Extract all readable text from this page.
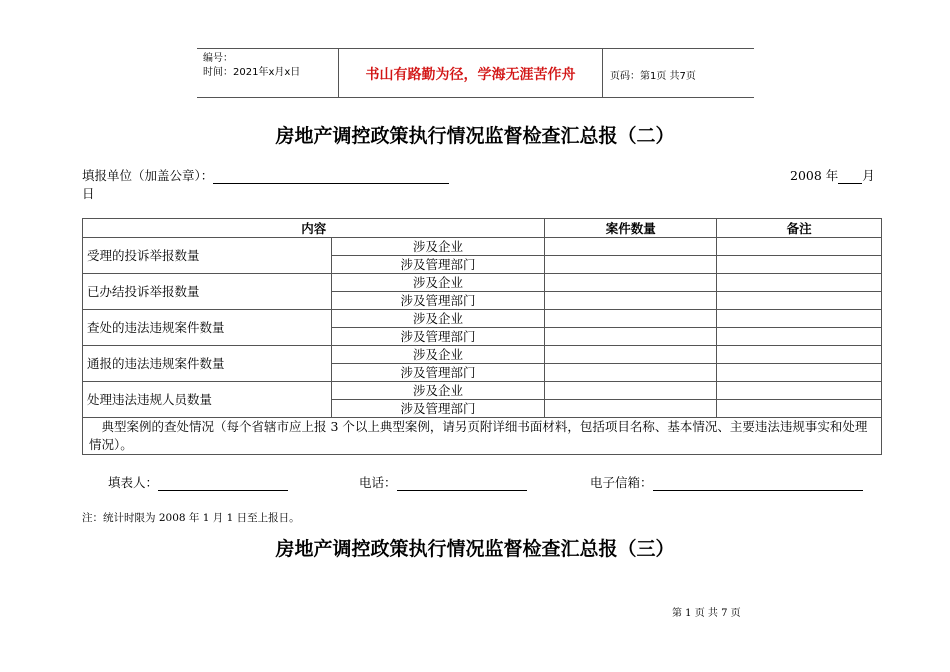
编号：
时间：2021年x月x日	书山有路勤为径，学海无涯苦作舟	页码：第1页 共7页
房地产调控政策执行情况监督检查汇总报（二）
填报单位（加盖公章）：	2008 年 月
日
内容		案件数量	备注
受理的投诉举报数量	涉及企业		
	涉及管理部门		
已办结投诉举报数量	涉及企业		
	涉及管理部门		
查处的违法违规案件数量	涉及企业		
	涉及管理部门		
通报的违法违规案件数量	涉及企业		
	涉及管理部门		
处理违法违规人员数量	涉及企业		
	涉及管理部门		
典型案例的查处情况（每个省辖市应上报 3 个以上典型案例，请另页附详细书面材料，包括项目名称、基本情况、主要违法违规事实和处理情况）。			
填表人：	电话：	电子信箱：
注：统计时限为 2008 年 1 月 1 日至上报日。
房地产调控政策执行情况监督检查汇总报（三）
第 1 页 共 7 页
